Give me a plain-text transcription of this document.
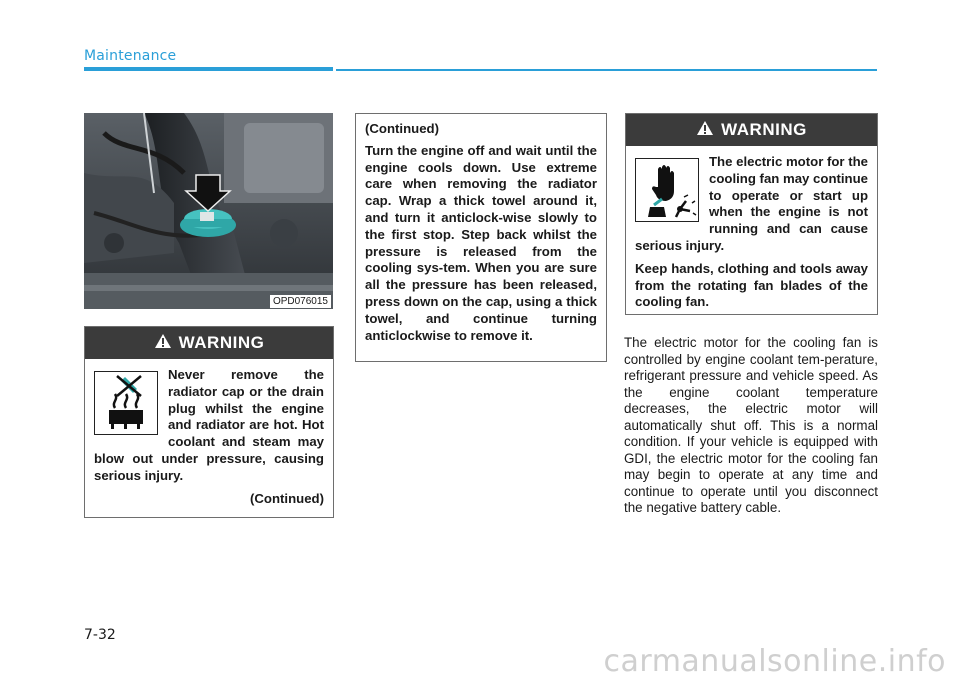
Maintenance
OPD076015
WARNING

Never remove the radiator cap or the drain plug whilst the engine and radiator are hot. Hot coolant and steam may blow out under pressure, causing serious injury.

(Continued)

(Continued)

Turn the engine off and wait until the engine cools down. Use extreme care when removing the radiator cap. Wrap a thick towel around it, and turn it anticlock-wise slowly to the first stop. Step back whilst the pressure is released from the cooling sys-tem. When you are sure all the pressure has been released, press down on the cap, using a thick towel, and continue turning anticlockwise to remove it.

WARNING

The electric motor for the cooling fan may continue to operate or start up when the engine is not running and can cause serious injury.

Keep hands, clothing and tools away from the rotating fan blades of the cooling fan.

The electric motor for the cooling fan is controlled by engine coolant tem-perature, refrigerant pressure and vehicle speed. As the engine coolant temperature decreases, the electric motor will automatically shut off. This is a normal condition. If your vehicle is equipped with GDI, the electric motor for the cooling fan may begin to operate at any time and continue to operate until you disconnect the negative battery cable.
7-32
carmanualsonline.info
